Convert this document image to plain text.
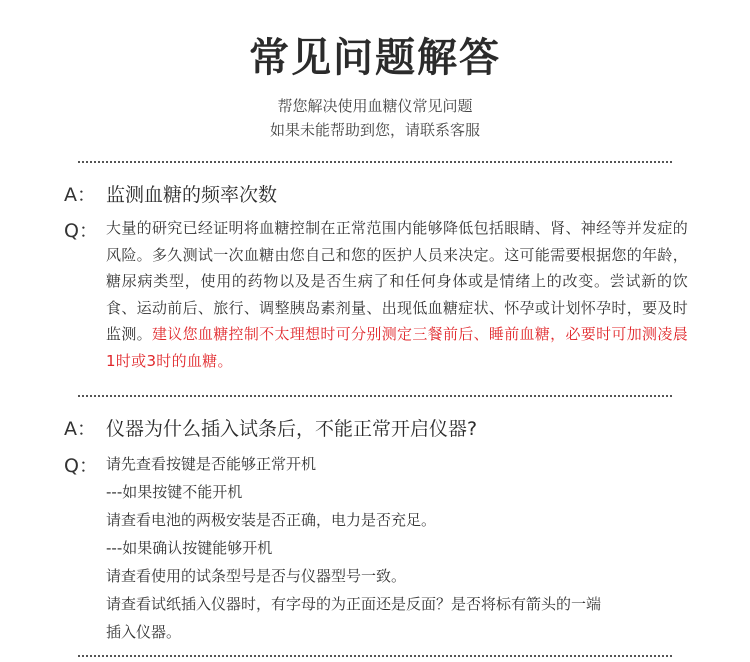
常见问题解答
帮您解决使用血糖仪常见问题
如果未能帮助到您，请联系客服
A： 监测血糖的频率次数
Q： 大量的研究已经证明将血糖控制在正常范围内能够降低包括眼睛、肾、神经等并发症的风险。多久测试一次血糖由您自己和您的医护人员来决定。这可能需要根据您的年龄，糖尿病类型，使用的药物以及是否生病了和任何身体或是情绪上的改变。尝试新的饮食、运动前后、旅行、调整胰岛素剂量、出现低血糖症状、怀孕或计划怀孕时，要及时监测。建议您血糖控制不太理想时可分别测定三餐前后、睡前血糖，必要时可加测凌晨1时或3时的血糖。
A： 仪器为什么插入试条后，不能正常开启仪器?
Q： 请先查看按键是否能够正常开机
---如果按键不能开机
请查看电池的两极安装是否正确，电力是否充足。
---如果确认按键能够开机
请查看使用的试条型号是否与仪器型号一致。
请查看试纸插入仪器时，有字母的为正面还是反面？是否将标有箭头的一端
插入仪器。
